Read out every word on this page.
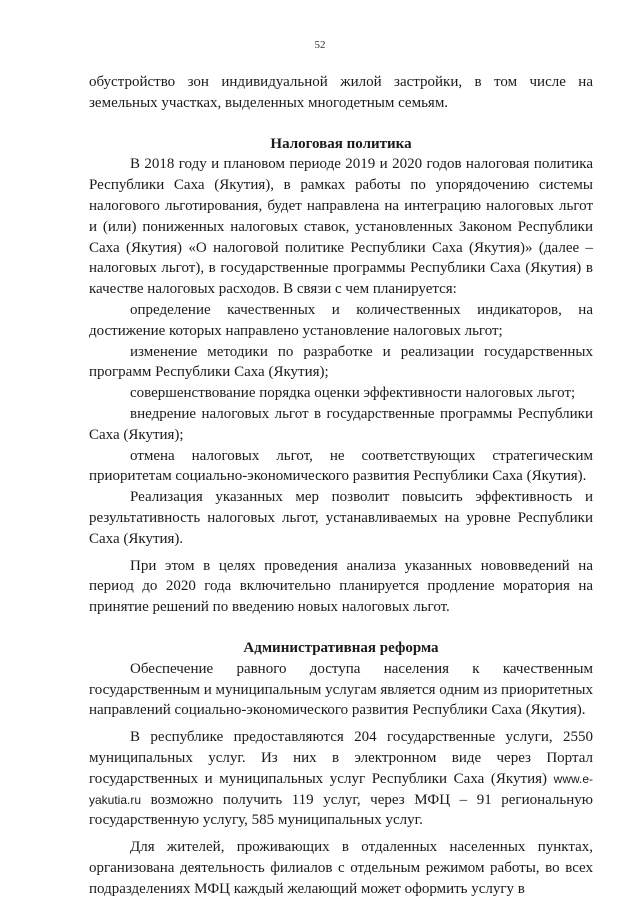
52

обустройство зон индивидуальной жилой застройки, в том числе на земельных участках, выделенных многодетным семьям.

Налоговая политика

В 2018 году и плановом периоде 2019 и 2020 годов налоговая политика Республики Саха (Якутия), в рамках работы по упорядочению системы налогового льготирования, будет направлена на интеграцию налоговых льгот и (или) пониженных налоговых ставок, установленных Законом Республики Саха (Якутия) «О налоговой политике Республики Саха (Якутия)» (далее – налоговых льгот), в государственные программы Республики Саха (Якутия) в качестве налоговых расходов. В связи с чем планируется:

определение качественных и количественных индикаторов, на достижение которых направлено установление налоговых льгот;

изменение методики по разработке и реализации государственных программ Республики Саха (Якутия);

совершенствование порядка оценки эффективности налоговых льгот;

внедрение налоговых льгот в государственные программы Республики Саха (Якутия);

отмена налоговых льгот, не соответствующих стратегическим приоритетам социально-экономического развития Республики Саха (Якутия).

Реализация указанных мер позволит повысить эффективность и результативность налоговых льгот, устанавливаемых на уровне Республики Саха (Якутия).

При этом в целях проведения анализа указанных нововведений на период до 2020 года включительно планируется продление моратория на принятие решений по введению новых налоговых льгот.

Административная реформа

Обеспечение равного доступа населения к качественным государственным и муниципальным услугам является одним из приоритетных направлений социально-экономического развития Республики Саха (Якутия).

В республике предоставляются 204 государственные услуги, 2550 муниципальных услуг. Из них в электронном виде через Портал государственных и муниципальных услуг Республики Саха (Якутия) www.e-yakutia.ru возможно получить 119 услуг, через МФЦ – 91 региональную государственную услугу, 585 муниципальных услуг.

Для жителей, проживающих в отдаленных населенных пунктах, организована деятельность филиалов с отдельным режимом работы, во всех подразделениях МФЦ каждый желающий может оформить услугу в
